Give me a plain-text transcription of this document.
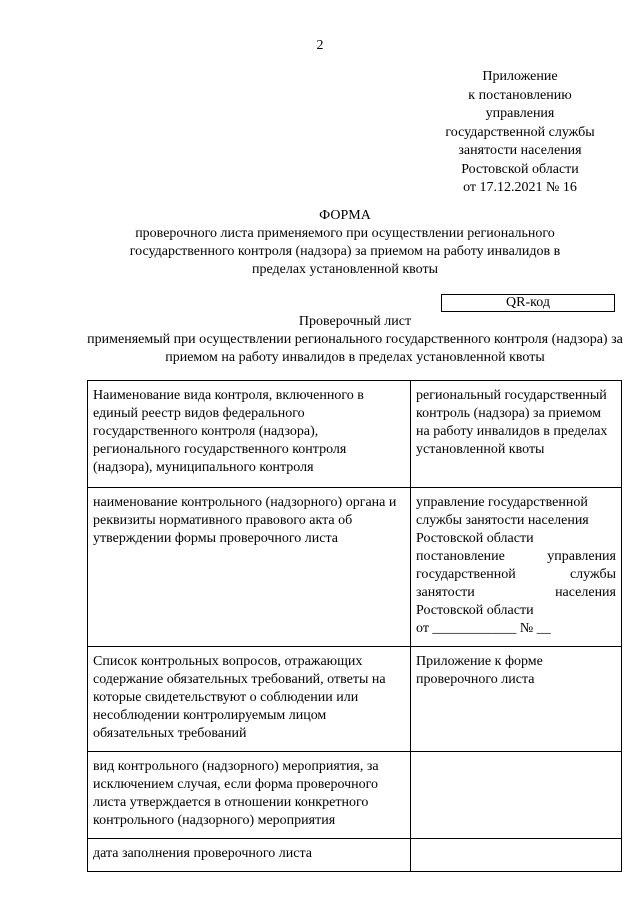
2
Приложение
к постановлению
управления
государственной службы
занятости населения
Ростовской области
от 17.12.2021 № 16
ФОРМА
проверочного листа применяемого при осуществлении регионального государственного контроля (надзора) за приемом на работу инвалидов в пределах установленной квоты
QR-код
Проверочный лист
применяемый при осуществлении регионального государственного контроля (надзора) за приемом на работу инвалидов в пределах установленной квоты
Наименование вида контроля, включенного в единый реестр видов федерального государственного контроля (надзора), регионального государственного контроля (надзора), муниципального контроля	региональный государственный контроль (надзора) за приемом на работу инвалидов в пределах установленной квоты
наименование контрольного (надзорного) органа и реквизиты нормативного правового акта об утверждении формы проверочного листа	управление государственной службы занятости населения Ростовской области
постановление управления государственной службы занятости населения
Ростовской области
от ____________ № __

Список контрольных вопросов, отражающих содержание обязательных требований, ответы на которые свидетельствуют о соблюдении или несоблюдении контролируемым лицом обязательных требований	Приложение к форме проверочного листа
вид контрольного (надзорного) мероприятия, за исключением случая, если форма проверочного листа утверждается в отношении конкретного контрольного (надзорного) мероприятия	
дата заполнения проверочного листа	
